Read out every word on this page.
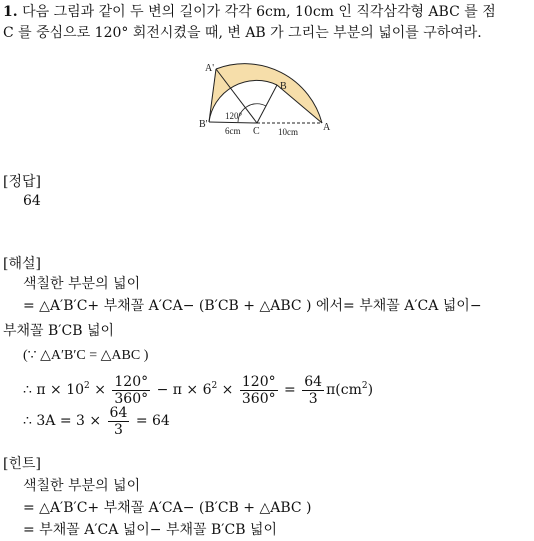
1. 다음 그림과 같이 두 변의 길이가 각각 6cm, 10cm 인 직각삼각형 ABC 를 점
C 를 중심으로 120° 회전시켰을 때, 변 AB 가 그리는 부분의 넓이를 구하여라.
A'
A
B
B'
C
120°
6cm	10cm
[정답]
64
[해설]
색칠한 부분의 넓이
= △A′B′C+ 부채꼴 A′CA− (B′CB + △ABC ) 에서= 부채꼴 A′CA 넓이−
부채꼴 B′CB 넓이
(∵ △A′B′C = △ABC )
∴ $\pi \times 10^2 \times \frac{120^\circ}{360^\circ} - \pi \times 6^2 \times \frac{120^\circ}{360^\circ} = \frac{64}{3} \pi(cm^2)$
∴ $3A = 3 \times \frac{64}{3} = 64$
[힌트]
색칠한 부분의 넓이
= △A′B′C+ 부채꼴 A′CA− (B′CB + △ABC )
= 부채꼴 A′CA 넓이− 부채꼴 B′CB 넓이
